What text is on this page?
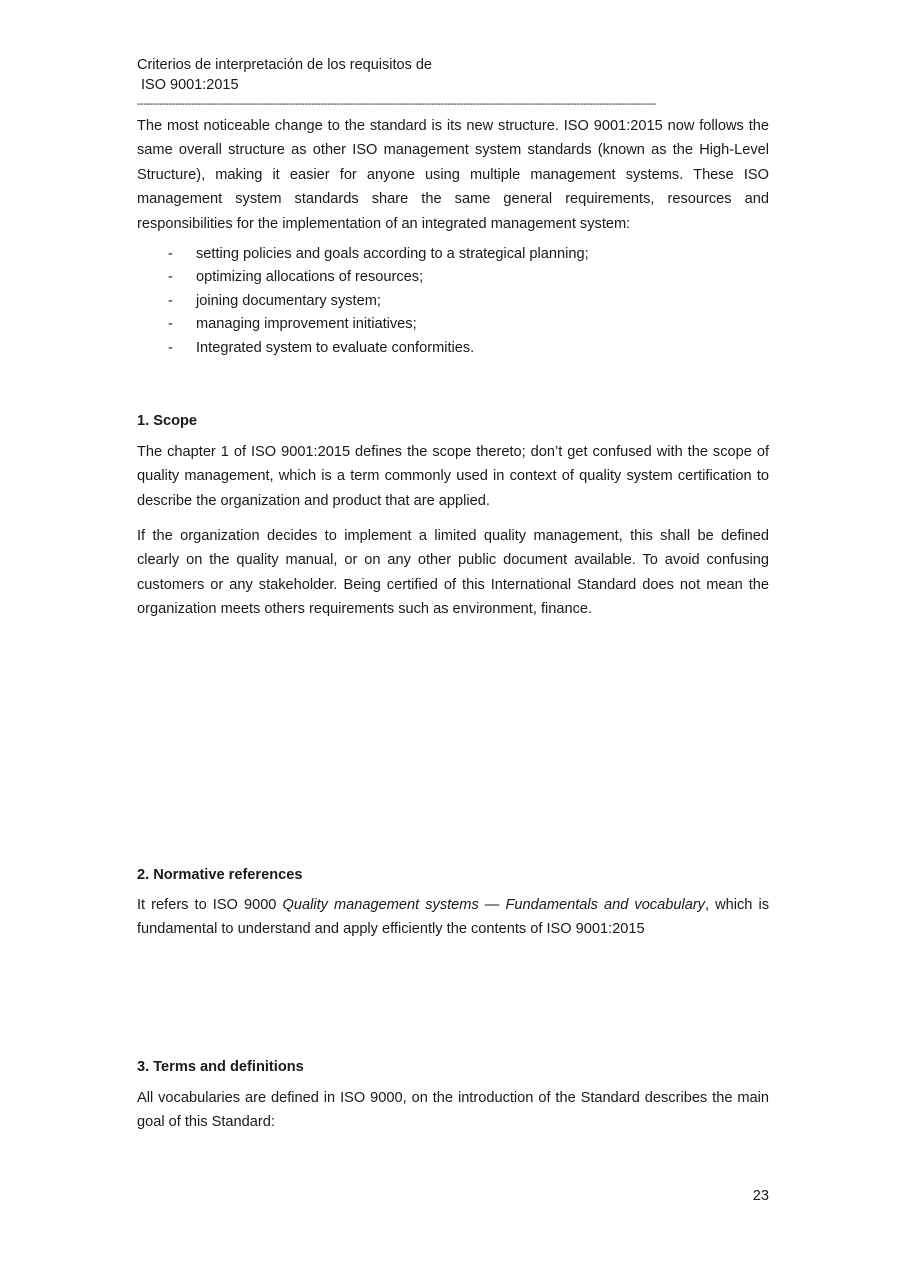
Criterios de interpretación de los requisitos de
ISO 9001:2015
--------------------------------------------------------------------------------------------------------------------------------------------------------------------

The most noticeable change to the standard is its new structure. ISO 9001:2015 now follows the same overall structure as other ISO management system standards (known as the High-Level Structure), making it easier for anyone using multiple management systems. These ISO management system standards share the same general requirements, resources and responsibilities for the implementation of an integrated management system:

- setting policies and goals according to a strategical planning;
- optimizing allocations of resources;
- joining documentary system;
- managing improvement initiatives;
- Integrated system to evaluate conformities.
1. Scope

The chapter 1 of ISO 9001:2015 defines the scope thereto; don’t get confused with the scope of quality management, which is a term commonly used in context of quality system certification to describe the organization and product that are applied.

If the organization decides to implement a limited quality management, this shall be defined clearly on the quality manual, or on any other public document available. To avoid confusing customers or any stakeholder. Being certified of this International Standard does not mean the organization meets others requirements such as environment, finance.

2. Normative references

It refers to ISO 9000 Quality management systems — Fundamentals and vocabulary, which is fundamental to understand and apply efficiently the contents of ISO 9001:2015

3. Terms and definitions

All vocabularies are defined in ISO 9000, on the introduction of the Standard describes the main goal of this Standard:

23
